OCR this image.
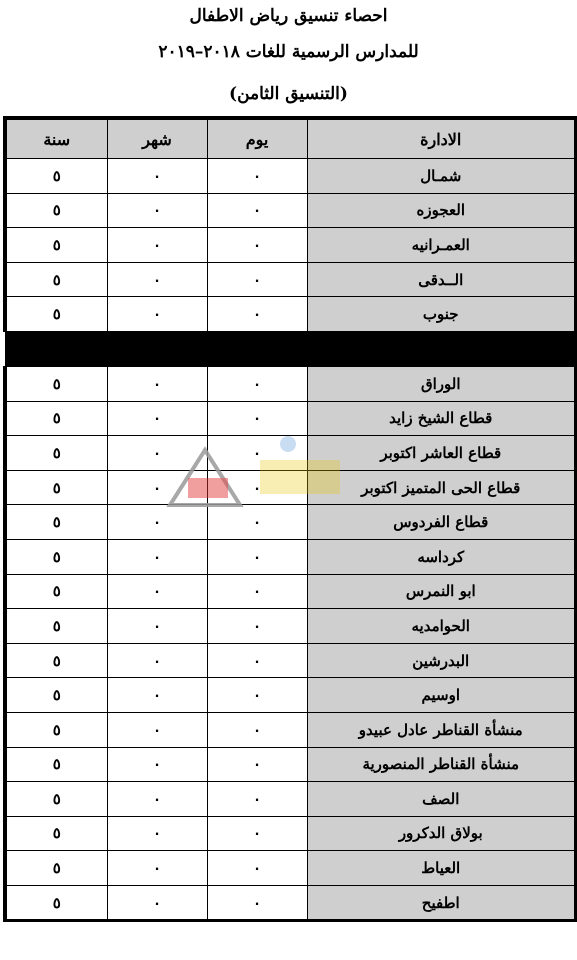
احصاء تنسيق رياض الاطفال
للمدارس الرسمية للغات ٢٠١٨–٢٠١٩
(التنسيق الثامن)
الادارة	يوم	شهر	سنة
شمـال	٠	٠	٥
العجوزه	٠	٠	٥
العمـرانيه	٠	٠	٥
الــدقى	٠	٠	٥
جنوب	٠	٠	٥

الوراق	٠	٠	٥
قطاع الشيخ زايد	٠	٠	٥
قطاع العاشر اكتوبر	٠	٠	٥
قطاع الحى المتميز اكتوبر	٠	٠	٥
قطاع الفردوس	٠	٠	٥
كرداسه	٠	٠	٥
ابو النمرس	٠	٠	٥
الحوامديه	٠	٠	٥
البدرشين	٠	٠	٥
اوسيم	٠	٠	٥
منشأة القناطر عادل عبيدو	٠	٠	٥
منشأة القناطر المنصورية	٠	٠	٥
الصف	٠	٠	٥
بولاق الدكرور	٠	٠	٥
العياط	٠	٠	٥
اطفيح	٠	٠	٥
